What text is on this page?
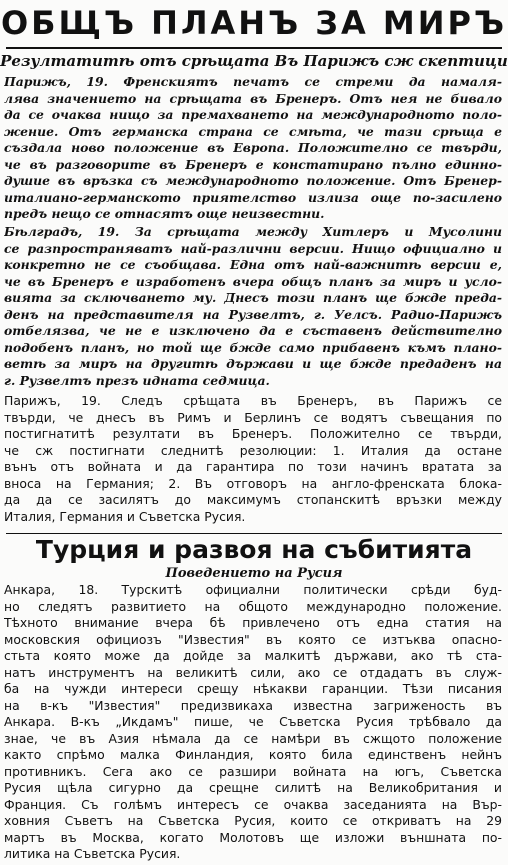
ОБЩЪ ПЛАНЪ ЗА МИРЪ
Резултатитѣ отъ срѣщата Въ Парижъ сж скептици
Парижъ, 19. Френскиятъ печатъ се стреми да намаля-
лява значението на срѣщата въ Бренеръ. Отъ нея не бивало
да се очаква нищо за премахването на международното поло-
жение. Отъ германска страна се смѣта, че тази срѣща е
създала ново положение въ Европа. Положително се твърди,
че въ разговорите въ Бренеръ е констатирано пълно единно-
душие въ връзка съ международното положение. Отъ Бренер-
италиано-германското приятелство излиза още по-засилено
предъ нещо се отнасятъ още неизвестни.
Бѣлградъ, 19. За срѣщата между Хитлеръ и Мусолини
се разпространяватъ най-различни версии. Нищо официално и
конкретно не се съобщава. Една отъ най-важнитѣ версии е,
че въ Бренеръ е изработенъ вчера общъ планъ за миръ и усло-
вията за сключването му. Днесъ този планъ ще бжде преда-
денъ на представителя на Рузвелтъ, г. Уелсъ. Радио-Парижъ
отбелязва, че не е изключено да е съставенъ действително
подобенъ планъ, но той ще бжде само прибавенъ къмъ плано-
ветѣ за миръ на другитѣ държави и ще бжде предаденъ на
г. Рузвелтъ презъ идната седмица.
Парижъ, 19. Следъ срѣщата въ Бренеръ, въ Парижъ се
твърди, че днесъ въ Римъ и Берлинъ се водятъ съвещания по
постигнатитѣ резултати въ Бренеръ. Положително се твърди,
че сж постигнати следнитѣ резолюции: 1. Италия да остане
вънъ отъ войната и да гарантира по този начинъ вратата за
вноса на Германия; 2. Въ отговоръ на англо-френската блока-
да да се засилятъ до максимумъ стопанскитѣ връзки между
Италия, Германия и Съветска Русия.
Турция и развоя на събитията
Поведението на Русия
Анкара, 18. Турскитѣ официални политически срѣди буд-
но следятъ развитието на общото международно положение.
Тѣхното внимание вчера бѣ привлечено отъ една статия на
московския официозъ "Известия" въ която се изтъква опасно-
стьта която може да дойде за малкитѣ държави, ако тѣ ста-
натъ инструментъ на великитѣ сили, ако се отдадатъ въ служ-
ба на чужди интереси срещу нѣкакви гаранции. Тѣзи писания
на в-къ "Известия" предизвикаха известна загриженость въ
Анкара. В-къ „Икдамъ" пише, че Съветска Русия трѣбвало да
знае, че въ Азия нѣмала да се намѣри въ сжщото положение
както спрѣмо малка Финландия, която била единственъ нейнъ
противникъ. Сега ако се разшири войната на югъ, Съветска
Русия щѣла сигурно да срещне силитѣ на Великобритания и
Франция. Съ голѣмъ интересъ се очаква заседанията на Вър-
ховния Съветъ на Съветска Русия, които се откриватъ на 29
мартъ въ Москва, когато Молотовъ ще изложи външната по-
литика на Съветска Русия.
